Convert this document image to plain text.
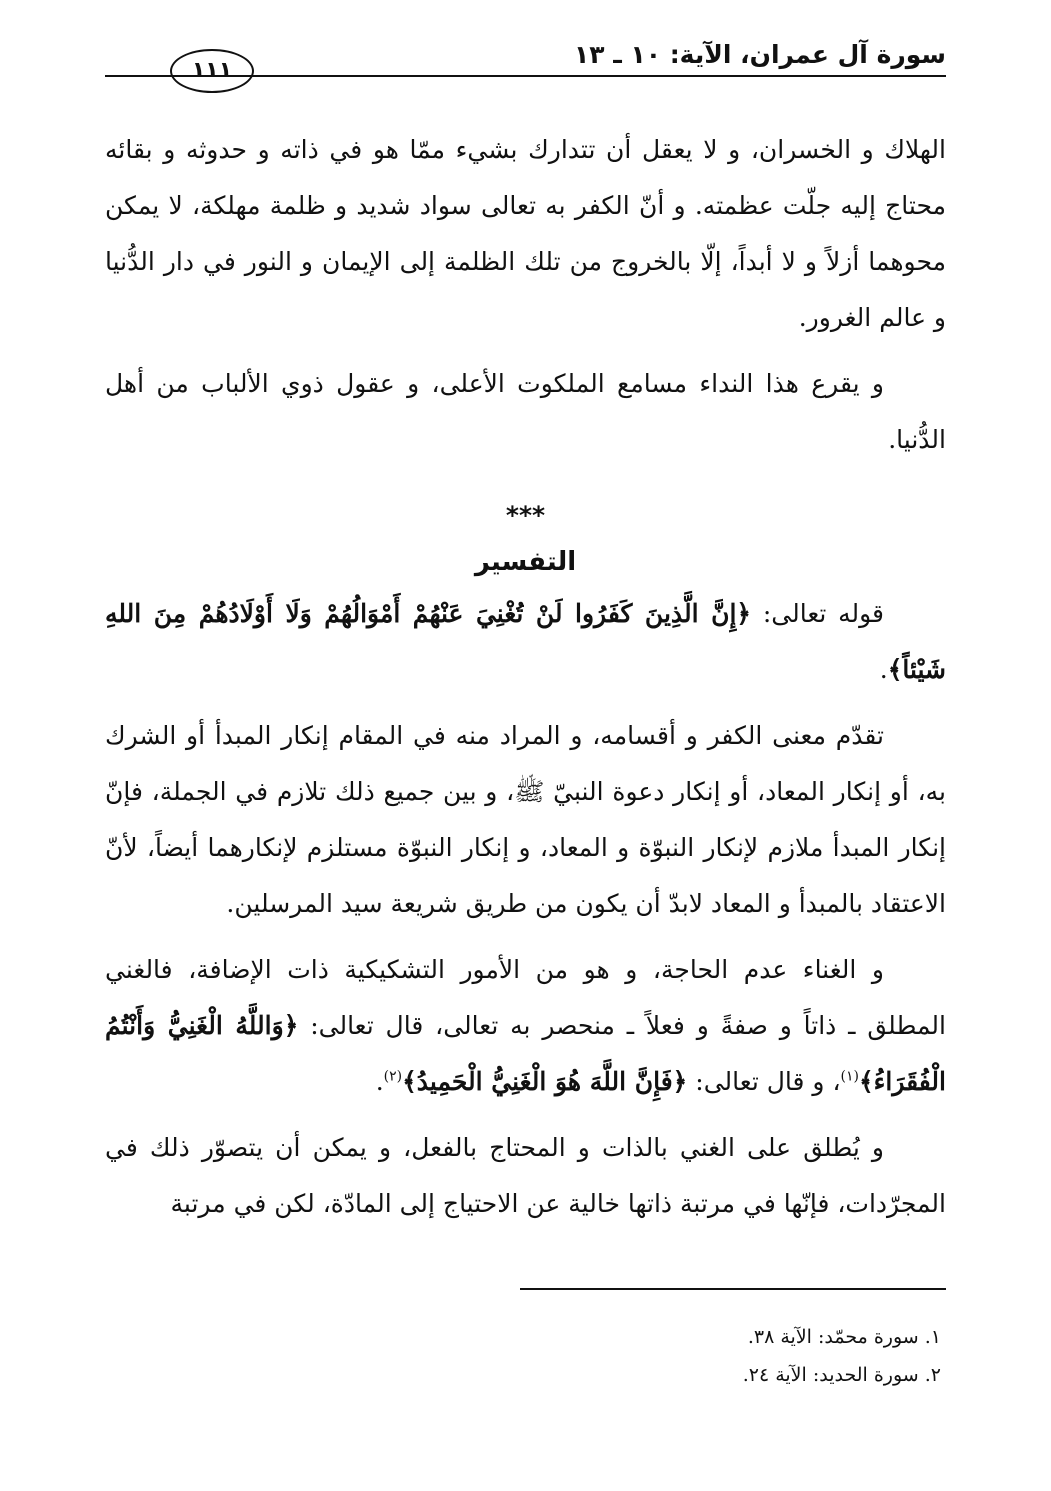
سورة آل عمران، الآية: ١٠ ـ ١٣
١١١

الهلاك و الخسران، و لا يعقل أن تتدارك بشيء ممّا هو في ذاته و حدوثه و بقائه محتاج إليه جلّت عظمته. و أنّ الكفر به تعالى سواد شديد و ظلمة مهلكة، لا يمكن محوهما أزلاً و لا أبداً، إلّا بالخروج من تلك الظلمة إلى الإيمان و النور في دار الدُّنيا و عالم الغرور.

و يقرع هذا النداء مسامع الملكوت الأعلى، و عقول ذوي الألباب من أهل الدُّنيا.

***

التفسير

قوله تعالى: ﴿إِنَّ الَّذِينَ كَفَرُوا لَنْ تُغْنِيَ عَنْهُمْ أَمْوَالُهُمْ وَلَا أَوْلَادُهُمْ مِنَ اللهِ شَيْئاً﴾.

تقدّم معنى الكفر و أقسامه، و المراد منه في المقام إنكار المبدأ أو الشرك به، أو إنكار المعاد، أو إنكار دعوة النبيّ ﷺ، و بين جميع ذلك تلازم في الجملة، فإنّ إنكار المبدأ ملازم لإنكار النبوّة و المعاد، و إنكار النبوّة مستلزم لإنكارهما أيضاً، لأنّ الاعتقاد بالمبدأ و المعاد لابدّ أن يكون من طريق شريعة سيد المرسلين.

و الغناء عدم الحاجة، و هو من الأمور التشكيكية ذات الإضافة، فالغني المطلق ـ ذاتاً و صفةً و فعلاً ـ منحصر به تعالى، قال تعالى: ﴿وَاللَّهُ الْغَنِيُّ وَأَنْتُمُ الْفُقَرَاءُ﴾$^{(١)}$، و قال تعالى: ﴿فَإِنَّ اللَّهَ هُوَ الْغَنِيُّ الْحَمِيدُ﴾$^{(٢)}$.

و يُطلق على الغني بالذات و المحتاج بالفعل، و يمكن أن يتصوّر ذلك في المجرّدات، فإنّها في مرتبة ذاتها خالية عن الاحتياج إلى المادّة، لكن في مرتبة

١. سورة محمّد: الآية ٣٨.

٢. سورة الحديد: الآية ٢٤.
